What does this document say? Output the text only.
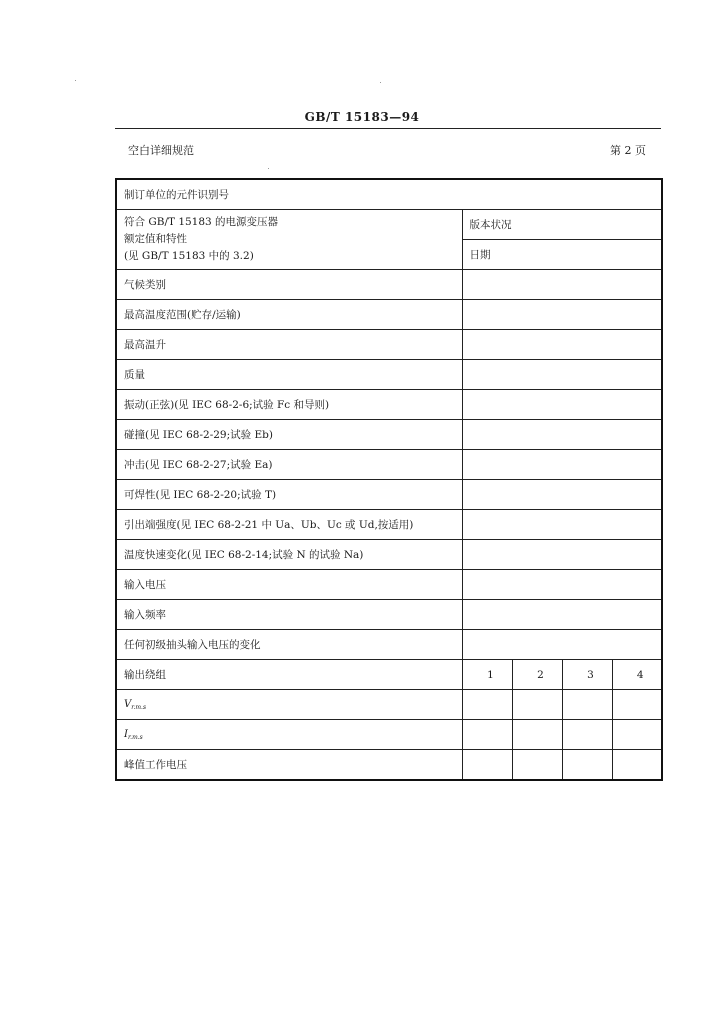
GB/T 15183—94
空白详细规范	第 2 页
制订单位的元件识别号				
符合 GB/T 15183 的电源变压器
额定值和特性
(见 GB/T 15183 中的 3.2)	版本状况			
	日期			
气候类别				
最高温度范围(贮存/运输)				
最高温升				
质量				
振动(正弦)(见 IEC 68-2-6;试验 Fc 和导则)				
碰撞(见 IEC 68-2-29;试验 Eb)				
冲击(见 IEC 68-2-27;试验 Ea)				
可焊性(见 IEC 68-2-20;试验 T)				
引出端强度(见 IEC 68-2-21 中 Ua、Ub、Uc 或 Ud,按适用)				
温度快速变化(见 IEC 68-2-14;试验 N 的试验 Na)				
输入电压				
输入频率				
任何初级抽头输入电压的变化				
输出绕组	1	2	3	4
$V_{r.m.s}$				
$I_{r.m.s}$				
峰值工作电压				
